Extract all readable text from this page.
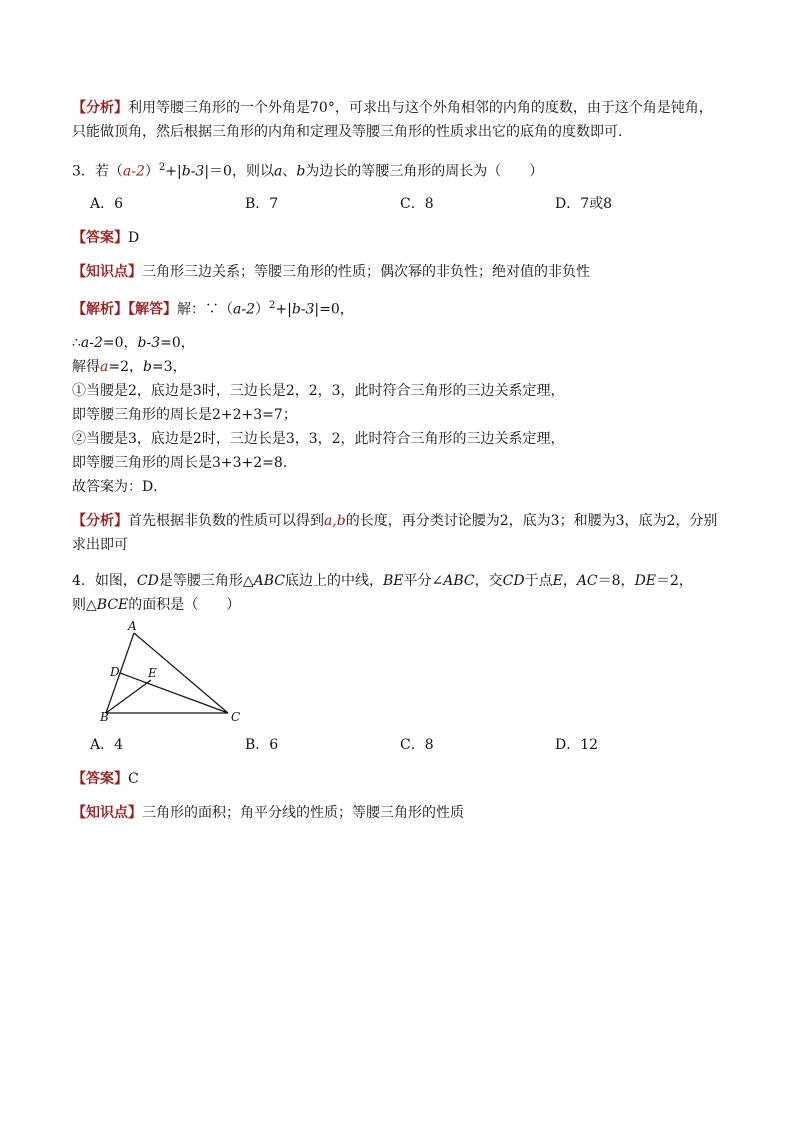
【分析】利用等腰三角形的一个外角是70°，可求出与这个外角相邻的内角的度数，由于这个角是钝角，只能做顶角，然后根据三角形的内角和定理及等腰三角形的性质求出它的底角的度数即可.

3．若$(a-2)^2+|b-3|=0$，则以a、b为边长的等腰三角形的周长为（　　）

A．6	B．7	C．8	D．7或8

【答案】D

【知识点】三角形三边关系；等腰三角形的性质；偶次幂的非负性；绝对值的非负性

【解析】【解答】解：$\because(a-2)^2+|b-3|=0$，

∴a-2=0，b-3=0，

解得a=2，b=3，

①当腰是2，底边是3时，三边长是2，2，3，此时符合三角形的三边关系定理，

即等腰三角形的周长是2+2+3=7；

②当腰是3，底边是2时，三边长是3，3，2，此时符合三角形的三边关系定理，

即等腰三角形的周长是3+3+2=8．

故答案为：D．

【分析】首先根据非负数的性质可以得到a,b的长度，再分类讨论腰为2，底为3；和腰为3，底为2，分别求出即可

4．如图，CD是等腰三角形△ABC底边上的中线，BE平分∠ABC，交CD于点E，AC＝8，DE＝2，

则△BCE的面积是（　　）

A
B	C
D E
A．4	B．6	C．8	D．12

【答案】C

【知识点】三角形的面积；角平分线的性质；等腰三角形的性质
